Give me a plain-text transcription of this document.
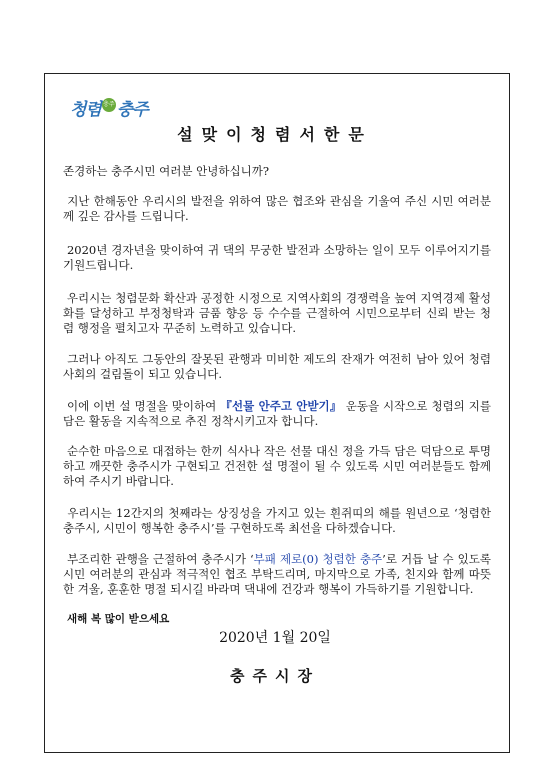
청렴 충주 충주
설맞이청렴서한문
존경하는 충주시민 여러분 안녕하십니까?
지난 한해동안 우리시의 발전을 위하여 많은 협조와 관심을 기울여 주신 시민 여러분께 깊은 감사를 드립니다.
2020년 경자년을 맞이하여 귀 댁의 무궁한 발전과 소망하는 일이 모두 이루어지기를 기원드립니다.
우리시는 청렴문화 확산과 공정한 시정으로 지역사회의 경쟁력을 높여 지역경제 활성화를 달성하고 부정청탁과 금품 향응 등 수수를 근절하여 시민으로부터 신뢰 받는 청렴 행정을 펼치고자 꾸준히 노력하고 있습니다.
그러나 아직도 그동안의 잘못된 관행과 미비한 제도의 잔재가 여전히 남아 있어 청렴사회의 걸림돌이 되고 있습니다.
이에 이번 설 명절을 맞이하여 『선물 안주고 안받기』 운동을 시작으로 청렴의 지를 담은 활동을 지속적으로 추진 정착시키고자 합니다.
순수한 마음으로 대접하는 한끼 식사나 작은 선물 대신 정을 가득 담은 덕담으로 투명하고 깨끗한 충주시가 구현되고 건전한 설 명절이 될 수 있도록 시민 여러분들도 함께하여 주시기 바랍니다.
우리시는 12간지의 첫째라는 상징성을 가지고 있는 흰쥐띠의 해를 원년으로 ‘청렴한 충주시, 시민이 행복한 충주시’를 구현하도록 최선을 다하겠습니다.
부조리한 관행을 근절하여 충주시가 ‘부패 제로(0) 청렴한 충주’로 거듭 날 수 있도록 시민 여러분의 관심과 적극적인 협조 부탁드리며, 마지막으로 가족, 친지와 함께 따뜻한 겨울, 훈훈한 명절 되시길 바라며 댁내에 건강과 행복이 가득하기를 기원합니다.
새해 복 많이 받으세요
2020년 1월 20일
충주시장
